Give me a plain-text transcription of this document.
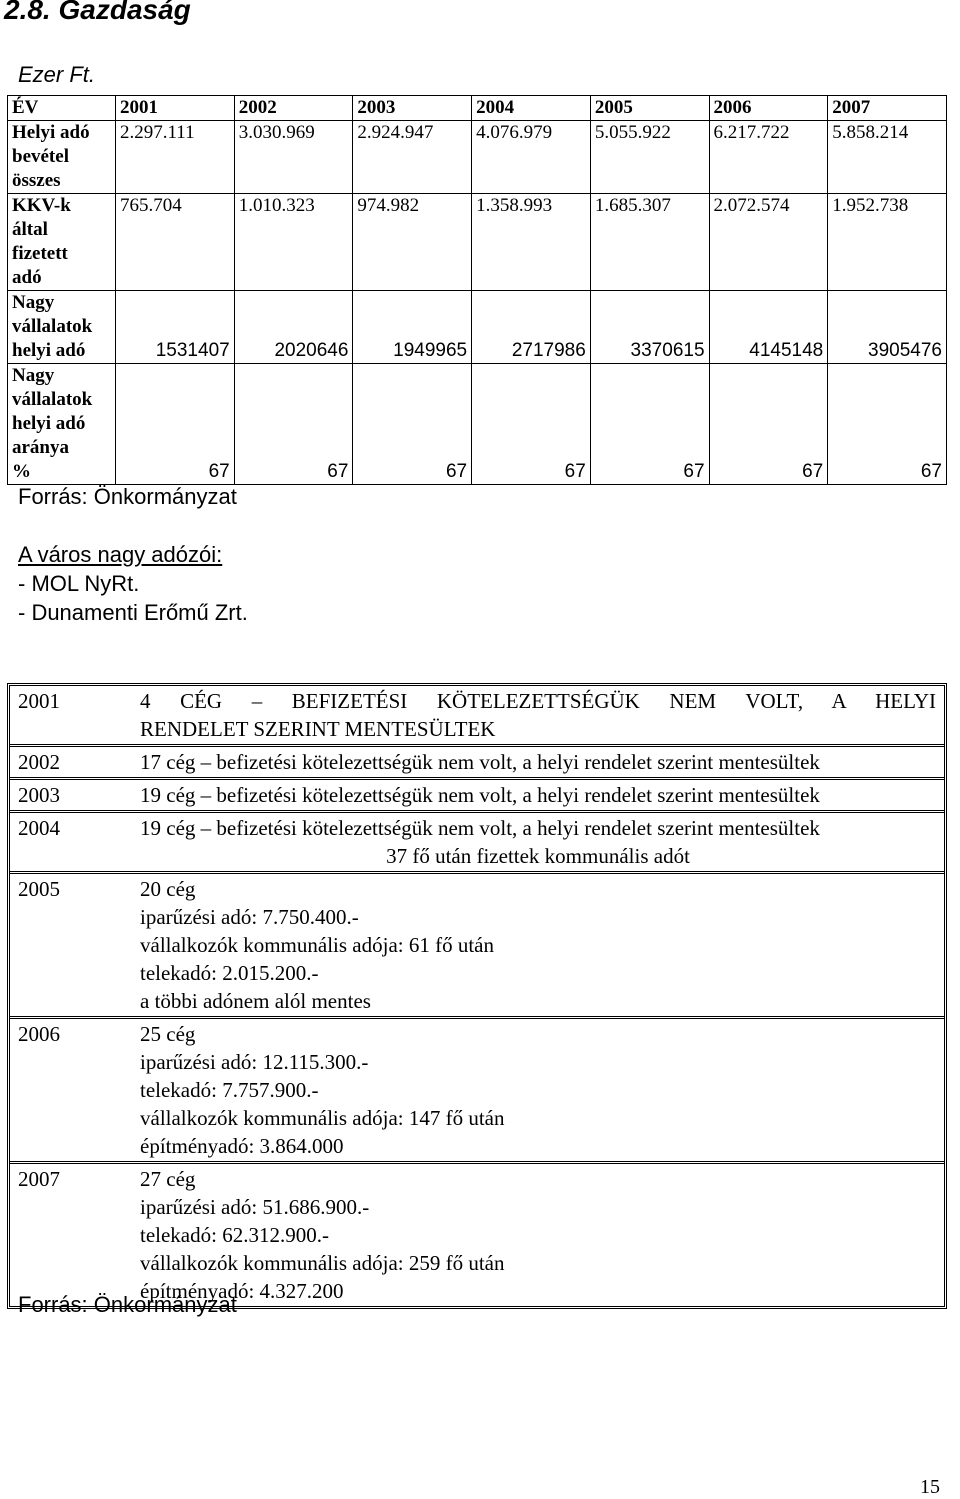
2.8. Gazdaság
Ezer Ft.
ÉV	2001	2002	2003	2004	2005	2006	2007

Helyi adó
bevétel
összes	2.297.111	3.030.969	2.924.947	4.076.979	5.055.922	6.217.722	5.858.214

KKV-k
által
fizetett
adó	765.704	1.010.323	974.982	1.358.993	1.685.307	2.072.574	1.952.738

Nagy
vállalatok
helyi adó	1531407	2020646	1949965	2717986	3370615	4145148	3905476

Nagy
vállalatok
helyi adó
aránya
%	67	67	67	67	67	67	67
Forrás: Önkormányzat
A város nagy adózói:
- MOL NyRt.
- Dunamenti Erőmű Zrt.
2001	4 CÉG – BEFIZETÉSI KÖTELEZETTSÉGÜK NEM VOLT, A HELYI
RENDELET SZERINT MENTESÜLTEK

2002	17 cég – befizetési kötelezettségük nem volt, a helyi rendelet szerint mentesültek

2003	19 cég – befizetési kötelezettségük nem volt, a helyi rendelet szerint mentesültek

2004	19 cég – befizetési kötelezettségük nem volt, a helyi rendelet szerint mentesültek
37 fő után fizettek kommunális adót

2005	20 cég
iparűzési adó: 7.750.400.-
vállalkozók kommunális adója: 61 fő után
telekadó: 2.015.200.-
a többi adónem alól mentes

2006	25 cég
iparűzési adó: 12.115.300.-
telekadó: 7.757.900.-
vállalkozók kommunális adója: 147 fő után
építményadó: 3.864.000

2007	27 cég
iparűzési adó: 51.686.900.-
telekadó: 62.312.900.-
vállalkozók kommunális adója: 259 fő után
építményadó: 4.327.200
Forrás: Önkormányzat
15
